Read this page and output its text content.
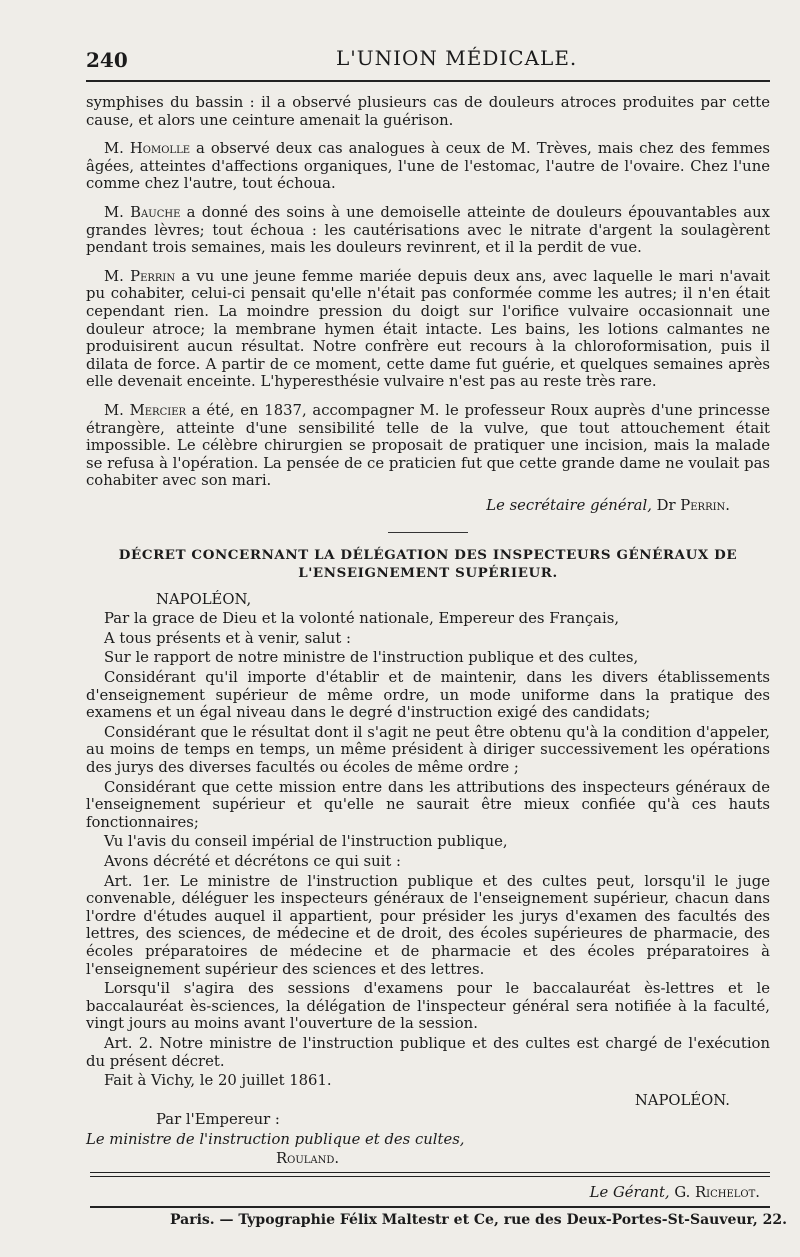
240	L'UNION MÉDICALE.

symphises du bassin : il a observé plusieurs cas de douleurs atroces produites par cette cause, et alors une ceinture amenait la guérison.

M. Homolle a observé deux cas analogues à ceux de M. Trèves, mais chez des femmes âgées, atteintes d'affections organiques, l'une de l'estomac, l'autre de l'ovaire. Chez l'une comme chez l'autre, tout échoua.

M. Bauche a donné des soins à une demoiselle atteinte de douleurs épouvantables aux grandes lèvres; tout échoua : les cautérisations avec le nitrate d'argent la soulagèrent pendant trois semaines, mais les douleurs revinrent, et il la perdit de vue.

M. Perrin a vu une jeune femme mariée depuis deux ans, avec laquelle le mari n'avait pu cohabiter, celui-ci pensait qu'elle n'était pas conformée comme les autres; il n'en était cependant rien. La moindre pression du doigt sur l'orifice vulvaire occasionnait une douleur atroce; la membrane hymen était intacte. Les bains, les lotions calmantes ne produisirent aucun résultat. Notre confrère eut recours à la chloroformisation, puis il dilata de force. A partir de ce moment, cette dame fut guérie, et quelques semaines après elle devenait enceinte. L'hyperesthésie vulvaire n'est pas au reste très rare.

M. Mercier a été, en 1837, accompagner M. le professeur Roux auprès d'une princesse étrangère, atteinte d'une sensibilité telle de la vulve, que tout attouchement était impossible. Le célèbre chirurgien se proposait de pratiquer une incision, mais la malade se refusa à l'opération. La pensée de ce praticien fut que cette grande dame ne voulait pas cohabiter avec son mari.

Le secrétaire général, Dr Perrin.

DÉCRET CONCERNANT LA DÉLÉGATION DES INSPECTEURS GÉNÉRAUX DE L'ENSEIGNEMENT SUPÉRIEUR.

NAPOLÉON,

Par la grace de Dieu et la volonté nationale, Empereur des Français,

A tous présents et à venir, salut :

Sur le rapport de notre ministre de l'instruction publique et des cultes,

Considérant qu'il importe d'établir et de maintenir, dans les divers établissements d'enseignement supérieur de même ordre, un mode uniforme dans la pratique des examens et un égal niveau dans le degré d'instruction exigé des candidats;

Considérant que le résultat dont il s'agit ne peut être obtenu qu'à la condition d'appeler, au moins de temps en temps, un même président à diriger successivement les opérations des jurys des diverses facultés ou écoles de même ordre ;

Considérant que cette mission entre dans les attributions des inspecteurs généraux de l'enseignement supérieur et qu'elle ne saurait être mieux confiée qu'à ces hauts fonctionnaires;

Vu l'avis du conseil impérial de l'instruction publique,

Avons décrété et décrétons ce qui suit :

Art. 1er. Le ministre de l'instruction publique et des cultes peut, lorsqu'il le juge convenable, déléguer les inspecteurs généraux de l'enseignement supérieur, chacun dans l'ordre d'études auquel il appartient, pour présider les jurys d'examen des facultés des lettres, des sciences, de médecine et de droit, des écoles supérieures de pharmacie, des écoles préparatoires de médecine et de pharmacie et des écoles préparatoires à l'enseignement supérieur des sciences et des lettres.

Lorsqu'il s'agira des sessions d'examens pour le baccalauréat ès-lettres et le baccalauréat ès-sciences, la délégation de l'inspecteur général sera notifiée à la faculté, vingt jours au moins avant l'ouverture de la session.

Art. 2. Notre ministre de l'instruction publique et des cultes est chargé de l'exécution du présent décret.

Fait à Vichy, le 20 juillet 1861.

NAPOLÉON.

Par l'Empereur :

Le ministre de l'instruction publique et des cultes,

Rouland.

Le Gérant, G. Richelot.
Paris. — Typographie Félix Maltestr et Ce, rue des Deux-Portes-St-Sauveur, 22.
